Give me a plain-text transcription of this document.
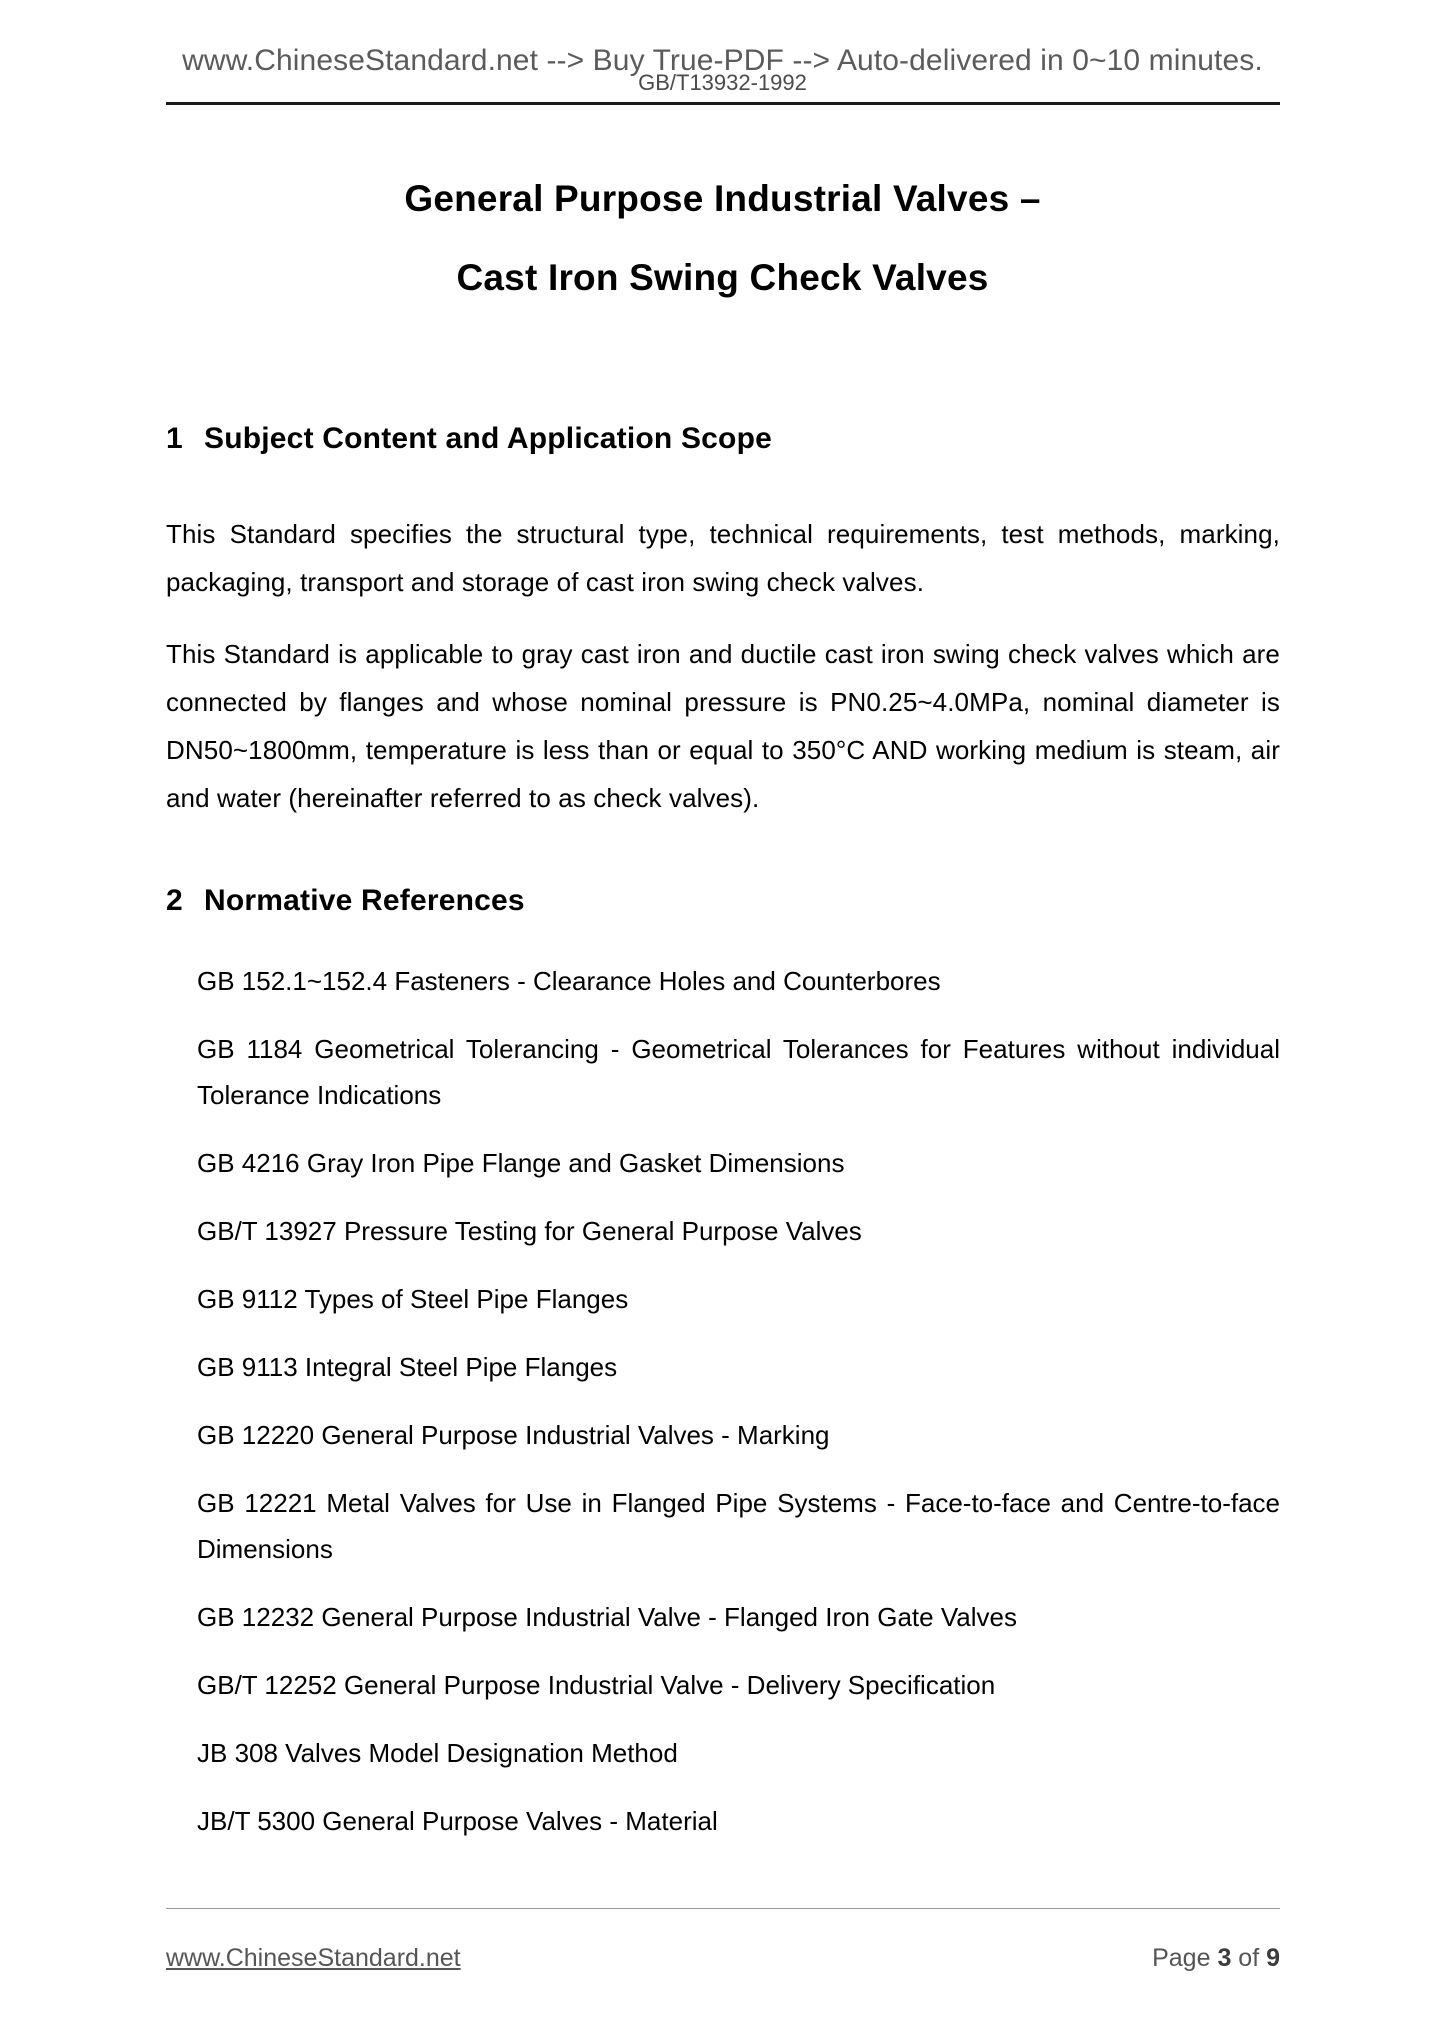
www.ChineseStandard.net --> Buy True-PDF --> Auto-delivered in 0~10 minutes.
GB/T13932-1992
General Purpose Industrial Valves –
Cast Iron Swing Check Valves
1 Subject Content and Application Scope

This Standard specifies the structural type, technical requirements, test methods, marking, packaging, transport and storage of cast iron swing check valves.

This Standard is applicable to gray cast iron and ductile cast iron swing check valves which are connected by flanges and whose nominal pressure is PN0.25~4.0MPa, nominal diameter is DN50~1800mm, temperature is less than or equal to 350°C AND working medium is steam, air and water (hereinafter referred to as check valves).

2 Normative References
GB 152.1~152.4 Fasteners - Clearance Holes and Counterbores
GB 1184 Geometrical Tolerancing - Geometrical Tolerances for Features without individual Tolerance Indications
GB 4216 Gray Iron Pipe Flange and Gasket Dimensions
GB/T 13927 Pressure Testing for General Purpose Valves
GB 9112 Types of Steel Pipe Flanges
GB 9113 Integral Steel Pipe Flanges
GB 12220 General Purpose Industrial Valves - Marking
GB 12221 Metal Valves for Use in Flanged Pipe Systems - Face-to-face and Centre-to-face Dimensions
GB 12232 General Purpose Industrial Valve - Flanged Iron Gate Valves
GB/T 12252 General Purpose Industrial Valve - Delivery Specification
JB 308 Valves Model Designation Method
JB/T 5300 General Purpose Valves - Material
www.ChineseStandard.net	Page 3 of 9
